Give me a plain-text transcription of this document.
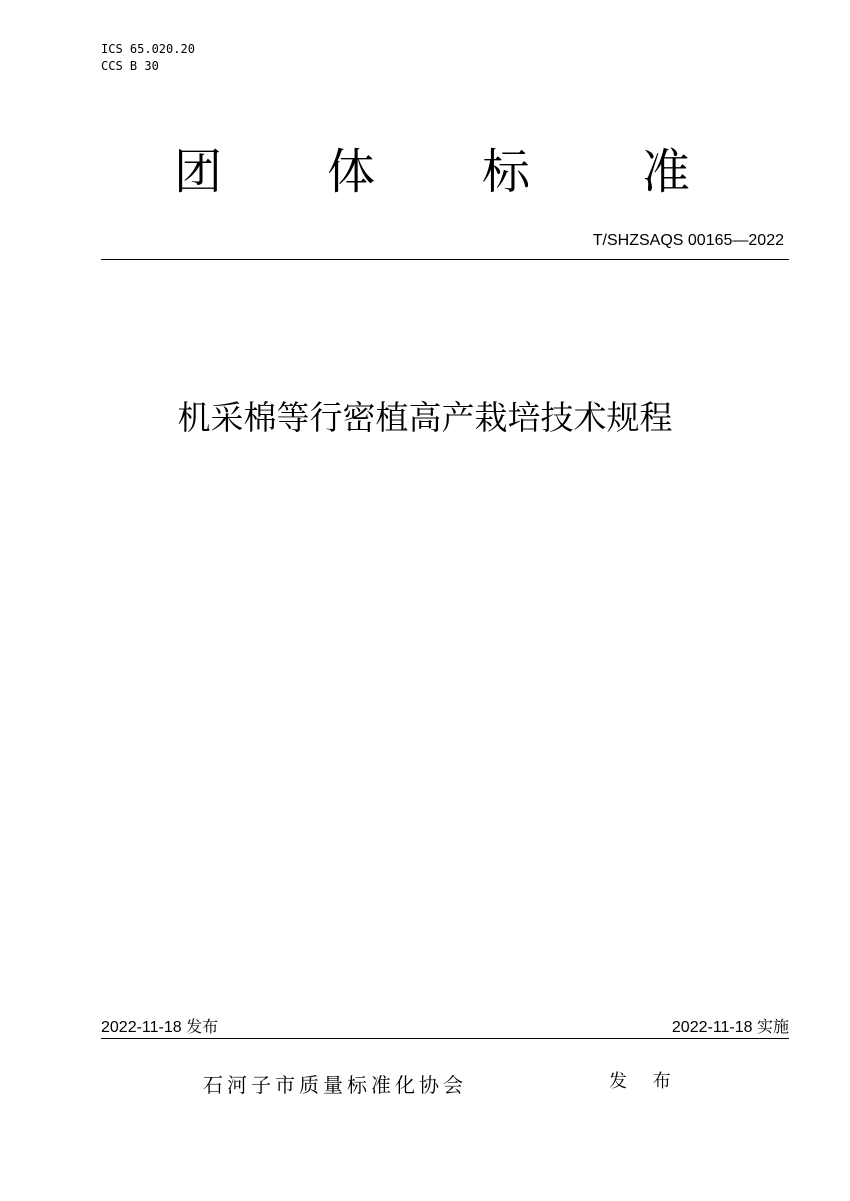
ICS 65.020.20
CCS B 30
团 体 标 准
T/SHZSAQS 00165—2022
机采棉等行密植高产栽培技术规程
2022-11-18 发布	2022-11-18 实施
石河子市质量标准化协会	发 布
